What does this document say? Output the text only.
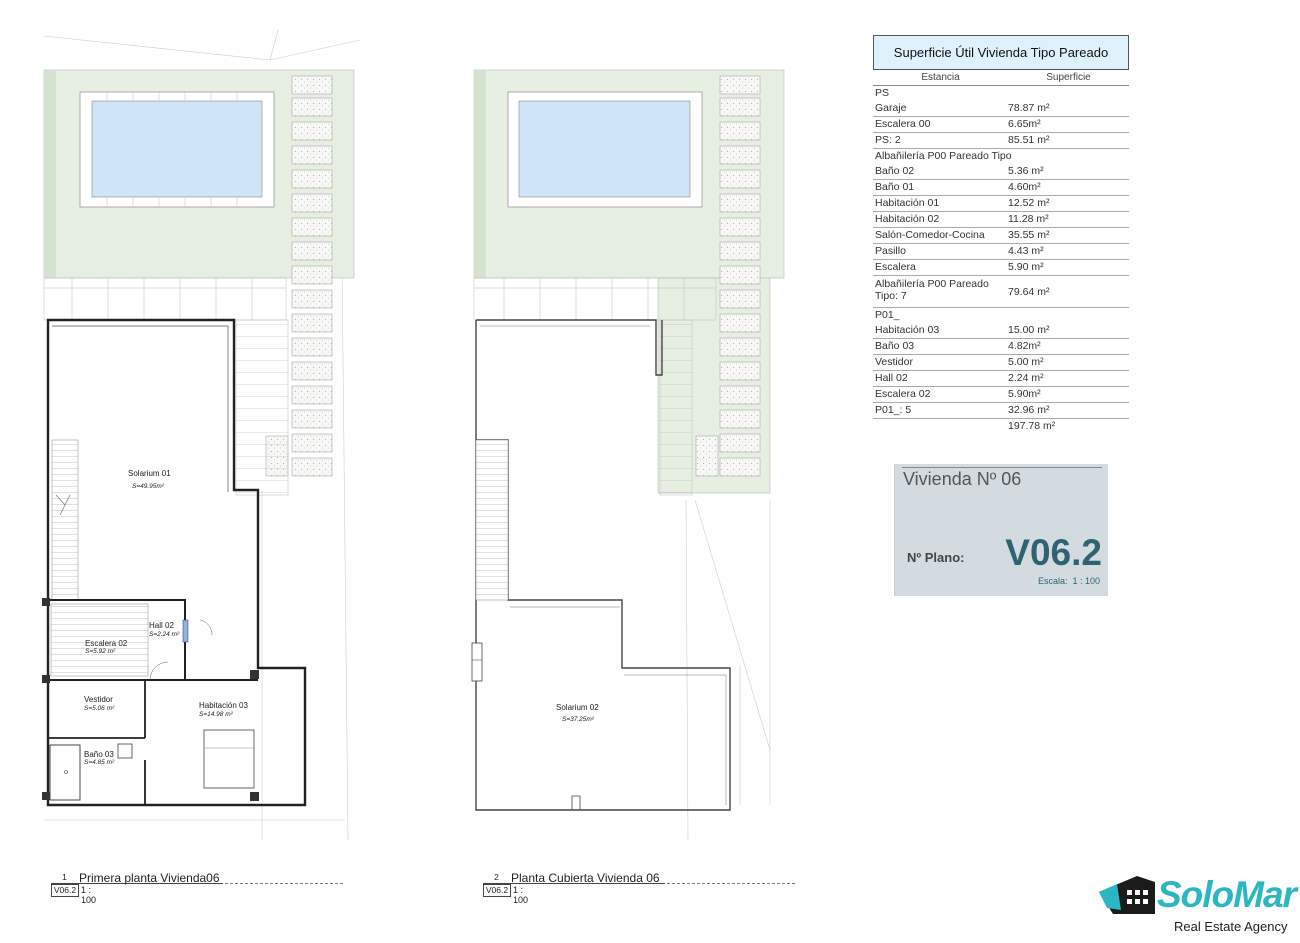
Solarium 01
S=49.95m²
Hall 02
S=2.24 m²
Escalera 02
S=5.92 m²
Vestidor
S=5.06 m²	Habitación 03
S=14.98 m²
Baño 03
S=4.85 m²
Solarium 02
S=37.25m²
Superficie Útil Vivienda Tipo Pareado
Estancia	Superficie
PS
Garaje	78.87 m²
Escalera 00	6.65m²
PS: 2	85.51 m²
Albañilería P00 Pareado Tipo
Baño 02	5.36 m²
Baño 01	4.60m²
Habitación 01	12.52 m²
Habitación 02	11.28 m²
Salón-Comedor-Cocina	35.55 m²
Pasillo	4.43 m²
Escalera	5.90 m²
Albañilería P00 Pareado Tipo: 7	79.64 m²
P01_
Habitación 03	15.00 m²
Baño 03	4.82m²
Vestidor	5.00 m²
Hall 02	2.24 m²
Escalera 02	5.90m²
P01_: 5	32.96 m²
197.78 m²
Vivienda Nº 06
Nº Plano: V06.2
Escala: 1 : 100
1
V06.2
Primera planta Vivienda06
1 : 100
2
V06.2
Planta Cubierta Vivienda 06
1 : 100	SoloMar
Real Estate Agency
